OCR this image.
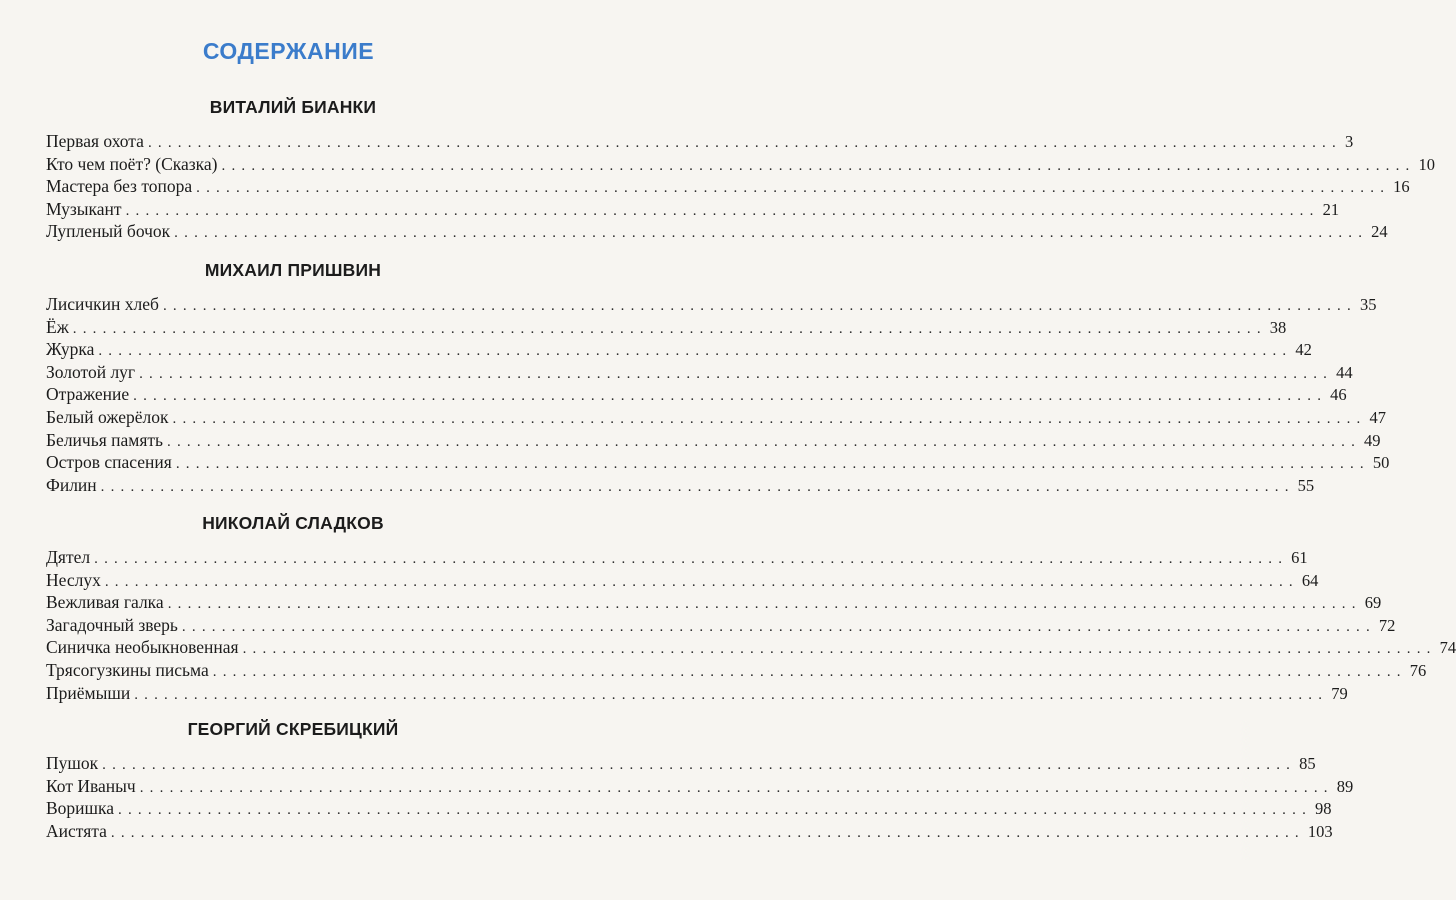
СОДЕРЖАНИЕ
ВИТАЛИЙ БИАНКИ
Первая охота ........................................................................................................................ 3
Кто чем поёт? (Сказка) ........................................................................................................................ 10
Мастера без топора ........................................................................................................................ 16
Музыкант ........................................................................................................................ 21
Лупленый бочок ........................................................................................................................ 24
МИХАИЛ ПРИШВИН
Лисичкин хлеб ........................................................................................................................ 35
Ёж ........................................................................................................................ 38
Журка ........................................................................................................................ 42
Золотой луг ........................................................................................................................ 44
Отражение ........................................................................................................................ 46
Белый ожерёлок ........................................................................................................................ 47
Беличья память ........................................................................................................................ 49
Остров спасения ........................................................................................................................ 50
Филин ........................................................................................................................ 55
НИКОЛАЙ СЛАДКОВ
Дятел ........................................................................................................................ 61
Неслух ........................................................................................................................ 64
Вежливая галка ........................................................................................................................ 69
Загадочный зверь ........................................................................................................................ 72
Синичка необыкновенная ........................................................................................................................ 74
Трясогузкины письма ........................................................................................................................ 76
Приёмыши ........................................................................................................................ 79
ГЕОРГИЙ СКРЕБИЦКИЙ
Пушок ........................................................................................................................ 85
Кот Иваныч ........................................................................................................................ 89
Воришка ........................................................................................................................ 98
Аистята ........................................................................................................................ 103
